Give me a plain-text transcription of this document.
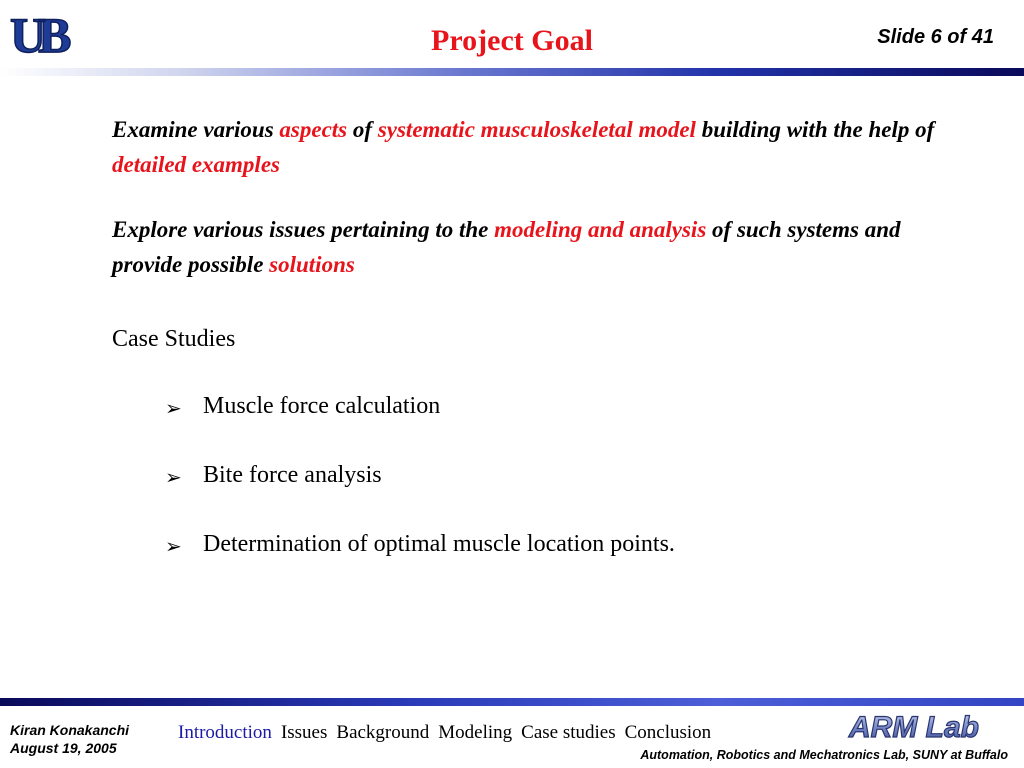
UB	Project Goal	Slide 6 of 41

Examine various aspects of systematic musculoskeletal model building with the help of detailed examples

Explore various issues pertaining to the modeling and analysis of such systems and provide possible solutions

Case Studies
➢ Muscle force calculation
➢ Bite force analysis
➢ Determination of optimal muscle location points.
Kiran Konakanchi
August 19, 2005
Introduction Issues Background Modeling Case studies Conclusion	ARM Lab
Automation, Robotics and Mechatronics Lab, SUNY at Buffalo
